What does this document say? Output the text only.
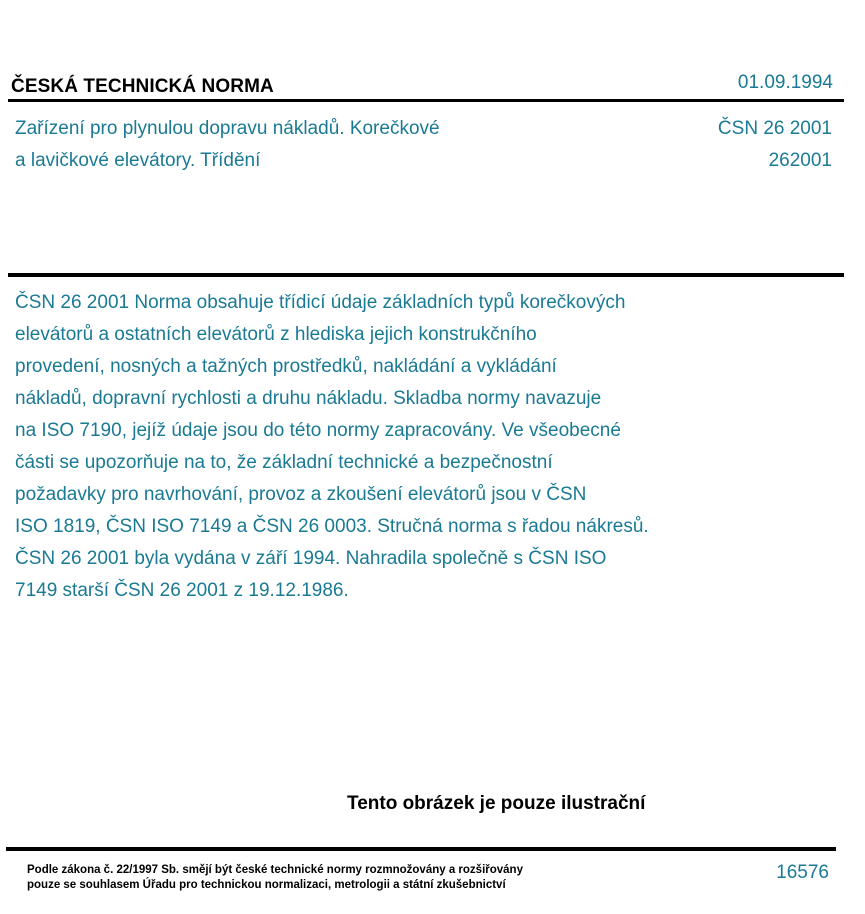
ČESKÁ TECHNICKÁ NORMA	01.09.1994
Zařízení pro plynulou dopravu nákladů. Korečkové
a lavičkové elevátory. Třídění
ČSN 26 2001
262001
ČSN 26 2001 Norma obsahuje třídicí údaje základních typů korečkových
elevátorů a ostatních elevátorů z hlediska jejich konstrukčního
provedení, nosných a tažných prostředků, nakládání a vykládání
nákladů, dopravní rychlosti a druhu nákladu. Skladba normy navazuje
na ISO 7190, jejíž údaje jsou do této normy zapracovány. Ve všeobecné
části se upozorňuje na to, že základní technické a bezpečnostní
požadavky pro navrhování, provoz a zkoušení elevátorů jsou v ČSN
ISO 1819, ČSN ISO 7149 a ČSN 26 0003. Stručná norma s řadou nákresů.
ČSN 26 2001 byla vydána v září 1994. Nahradila společně s ČSN ISO
7149 starší ČSN 26 2001 z 19.12.1986.
Tento obrázek je pouze ilustrační
Podle zákona č. 22/1997 Sb. smějí být české technické normy rozmnožovány a rozšiřovány
pouze se souhlasem Úřadu pro technickou normalizaci, metrologii a státní zkušebnictví
16576
